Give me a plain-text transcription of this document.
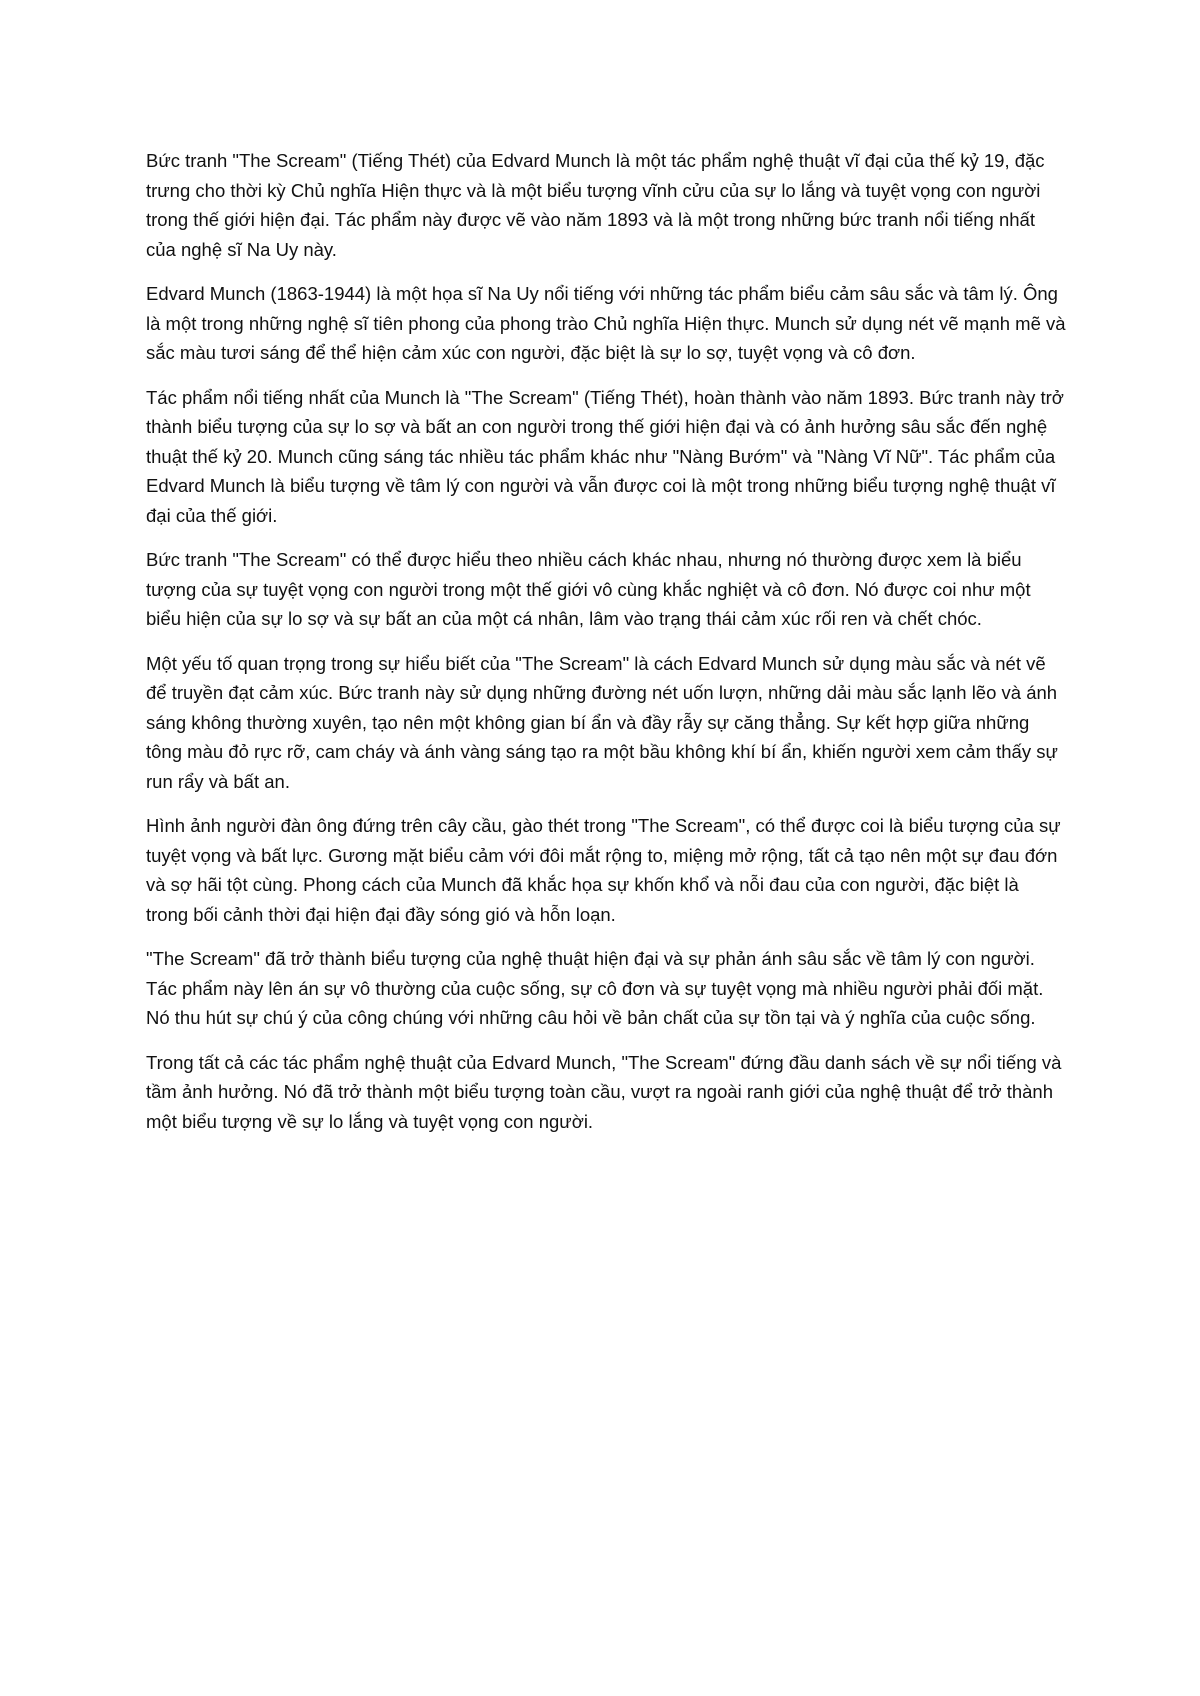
Bức tranh "The Scream" (Tiếng Thét) của Edvard Munch là một tác phẩm nghệ thuật vĩ đại của thế kỷ 19, đặc trưng cho thời kỳ Chủ nghĩa Hiện thực và là một biểu tượng vĩnh cửu của sự lo lắng và tuyệt vọng con người trong thế giới hiện đại. Tác phẩm này được vẽ vào năm 1893 và là một trong những bức tranh nổi tiếng nhất của nghệ sĩ Na Uy này.

Edvard Munch (1863-1944) là một họa sĩ Na Uy nổi tiếng với những tác phẩm biểu cảm sâu sắc và tâm lý. Ông là một trong những nghệ sĩ tiên phong của phong trào Chủ nghĩa Hiện thực. Munch sử dụng nét vẽ mạnh mẽ và sắc màu tươi sáng để thể hiện cảm xúc con người, đặc biệt là sự lo sợ, tuyệt vọng và cô đơn.

Tác phẩm nổi tiếng nhất của Munch là "The Scream" (Tiếng Thét), hoàn thành vào năm 1893. Bức tranh này trở thành biểu tượng của sự lo sợ và bất an con người trong thế giới hiện đại và có ảnh hưởng sâu sắc đến nghệ thuật thế kỷ 20. Munch cũng sáng tác nhiều tác phẩm khác như "Nàng Bướm" và "Nàng Vĩ Nữ". Tác phẩm của Edvard Munch là biểu tượng về tâm lý con người và vẫn được coi là một trong những biểu tượng nghệ thuật vĩ đại của thế giới.

Bức tranh "The Scream" có thể được hiểu theo nhiều cách khác nhau, nhưng nó thường được xem là biểu tượng của sự tuyệt vọng con người trong một thế giới vô cùng khắc nghiệt và cô đơn. Nó được coi như một biểu hiện của sự lo sợ và sự bất an của một cá nhân, lâm vào trạng thái cảm xúc rối ren và chết chóc.

Một yếu tố quan trọng trong sự hiểu biết của "The Scream" là cách Edvard Munch sử dụng màu sắc và nét vẽ để truyền đạt cảm xúc. Bức tranh này sử dụng những đường nét uốn lượn, những dải màu sắc lạnh lẽo và ánh sáng không thường xuyên, tạo nên một không gian bí ẩn và đầy rẫy sự căng thẳng. Sự kết hợp giữa những tông màu đỏ rực rỡ, cam cháy và ánh vàng sáng tạo ra một bầu không khí bí ẩn, khiến người xem cảm thấy sự run rẩy và bất an.

Hình ảnh người đàn ông đứng trên cây cầu, gào thét trong "The Scream", có thể được coi là biểu tượng của sự tuyệt vọng và bất lực. Gương mặt biểu cảm với đôi mắt rộng to, miệng mở rộng, tất cả tạo nên một sự đau đớn và sợ hãi tột cùng. Phong cách của Munch đã khắc họa sự khốn khổ và nỗi đau của con người, đặc biệt là trong bối cảnh thời đại hiện đại đầy sóng gió và hỗn loạn.

"The Scream" đã trở thành biểu tượng của nghệ thuật hiện đại và sự phản ánh sâu sắc về tâm lý con người. Tác phẩm này lên án sự vô thường của cuộc sống, sự cô đơn và sự tuyệt vọng mà nhiều người phải đối mặt. Nó thu hút sự chú ý của công chúng với những câu hỏi về bản chất của sự tồn tại và ý nghĩa của cuộc sống.

Trong tất cả các tác phẩm nghệ thuật của Edvard Munch, "The Scream" đứng đầu danh sách về sự nổi tiếng và tầm ảnh hưởng. Nó đã trở thành một biểu tượng toàn cầu, vượt ra ngoài ranh giới của nghệ thuật để trở thành một biểu tượng về sự lo lắng và tuyệt vọng con người.
